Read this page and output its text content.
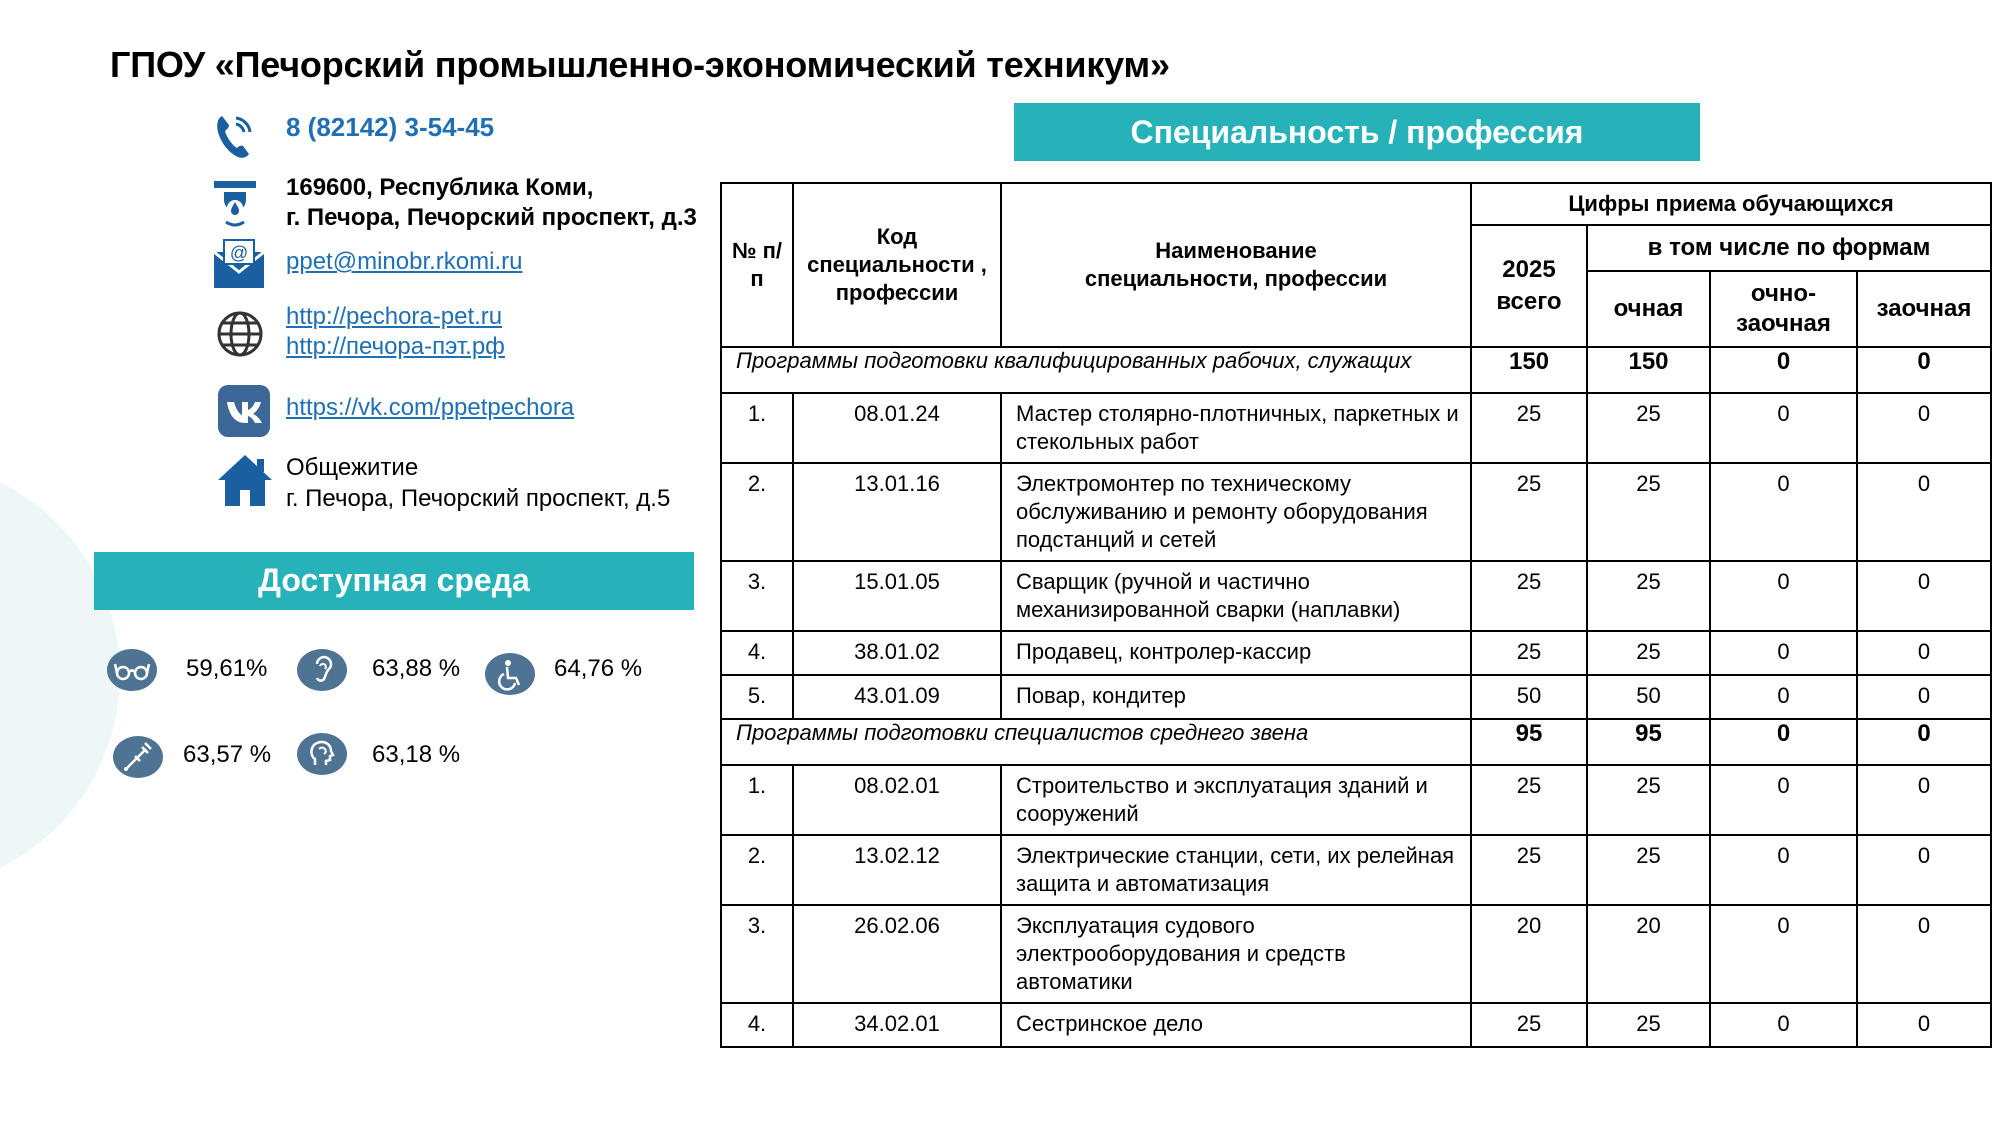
ГПОУ «Печорский промышленно-экономический техникум»
8 (82142) 3-54-45
169600, Республика Коми,
г. Печора, Печорский проспект, д.3
@ ppet@minobr.rkomi.ru
http://pechora-pet.ru
http://печора-пэт.рф
https://vk.com/ppetpechora
Общежитие
г. Печора, Печорский проспект, д.5
Доступная среда
59,61%	63,88 %	64,76 %
63,57 %	63,18 %
Специальность / профессия
№ п/п	Код специальности , профессии	Наименование специальности, профессии	Цифры приема обучающихся			
			2025 всего	в том числе по формам		
				очная	очно-заочная	заочная
Программы подготовки квалифицированных рабочих, служащих			150	150	0	0
1.	08.01.24	Мастер столярно-плотничных, паркетных и стекольных работ	25	25	0	0
2.	13.01.16	Электромонтер по техническому обслуживанию и ремонту оборудования подстанций и сетей	25	25	0	0
3.	15.01.05	Сварщик (ручной и частично механизированной сварки (наплавки)	25	25	0	0
4.	38.01.02	Продавец, контролер-кассир	25	25	0	0
5.	43.01.09	Повар, кондитер	50	50	0	0
Программы подготовки специалистов среднего звена			95	95	0	0
1.	08.02.01	Строительство и эксплуатация зданий и сооружений	25	25	0	0
2.	13.02.12	Электрические станции, сети, их релейная защита и автоматизация	25	25	0	0
3.	26.02.06	Эксплуатация судового электрооборудования и средств автоматики	20	20	0	0
4.	34.02.01	Сестринское дело	25	25	0	0
